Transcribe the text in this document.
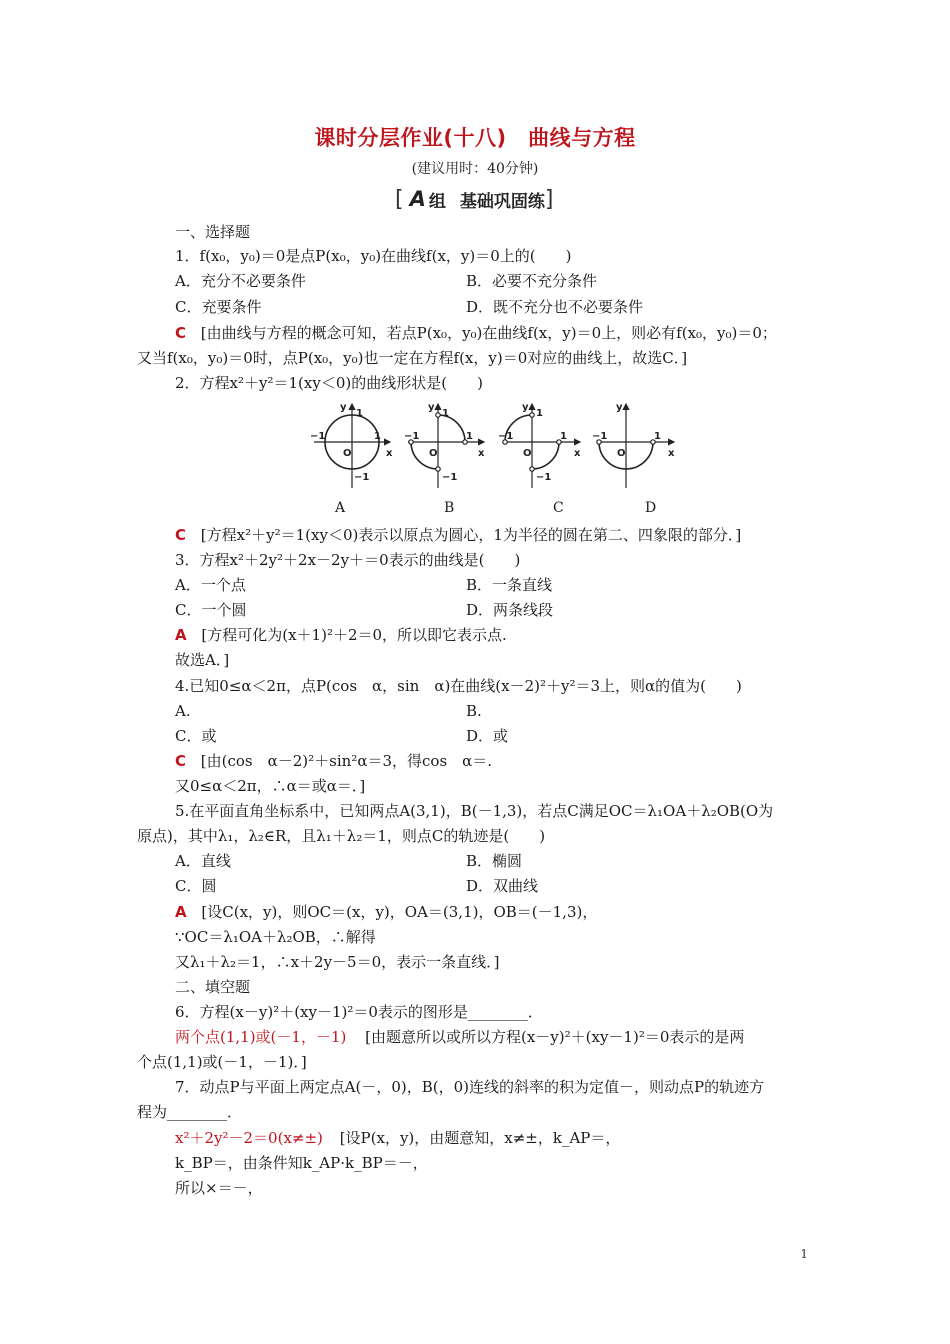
课时分层作业(十八)　曲线与方程
(建议用时：40分钟)
[ A 组 基础巩固练 ]
一、选择题
1．f(x₀，y₀)＝0是点P(x₀，y₀)在曲线f(x，y)＝0上的(　　)
A．充分不必要条件	B．必要不充分条件
C．充要条件	D．既不充分也不必要条件
C [由曲线与方程的概念可知，若点P(x₀，y₀)在曲线f(x，y)＝0上，则必有f(x₀，y₀)＝0；
又当f(x₀，y₀)＝0时，点P(x₀，y₀)也一定在方程f(x，y)＝0对应的曲线上，故选C．]
2．方程x²＋y²＝1(xy＜0)的曲线形状是(　　)
y
1
−1	1
O	x
−1
y
1
−1	1
O	x
−1
y
1
−1	1
O	x
−1
y
−1	1
O	x
A	B	C	D
C [方程x²＋y²＝1(xy＜0)表示以原点为圆心，1为半径的圆在第二、四象限的部分．]
3．方程x²＋2y²＋2x－2y＋＝0表示的曲线是(　　)
A．一个点	B．一条直线
C．一个圆	D．两条线段
A [方程可化为(x＋1)²＋2＝0，所以即它表示点.
故选A．]
4.已知0≤α＜2π，点P(cos　α，sin　α)在曲线(x－2)²＋y²＝3上，则α的值为(　　)
A.	B.
C．或	D．或
C [由(cos　α－2)²＋sin²α＝3，得cos　α＝.
又0≤α＜2π，∴α＝或α＝．]
5.在平面直角坐标系中，已知两点A(3,1)，B(－1,3)，若点C满足OC＝λ₁OA＋λ₂OB(O为
原点)，其中λ₁，λ₂∈R，且λ₁＋λ₂＝1，则点C的轨迹是(　　)
A．直线	B．椭圆
C．圆	D．双曲线
A [设C(x，y)，则OC＝(x，y)，OA＝(3,1)，OB＝(－1,3)，
∵OC＝λ₁OA＋λ₂OB，∴解得
又λ₁＋λ₂＝1，∴x＋2y－5＝0，表示一条直线．]
二、填空题
6．方程(x－y)²＋(xy－1)²＝0表示的图形是________．
两个点(1,1)或(－1，－1) [由题意所以或所以方程(x－y)²＋(xy－1)²＝0表示的是两
个点(1,1)或(－1，－1)．]
7．动点P与平面上两定点A(－，0)，B(，0)连线的斜率的积为定值－，则动点P的轨迹方
程为________．
x²＋2y²－2＝0(x≠±) [设P(x，y)，由题意知，x≠±，k_AP＝，
k_BP＝，由条件知k_AP·k_BP＝－，
所以×＝－，
1
